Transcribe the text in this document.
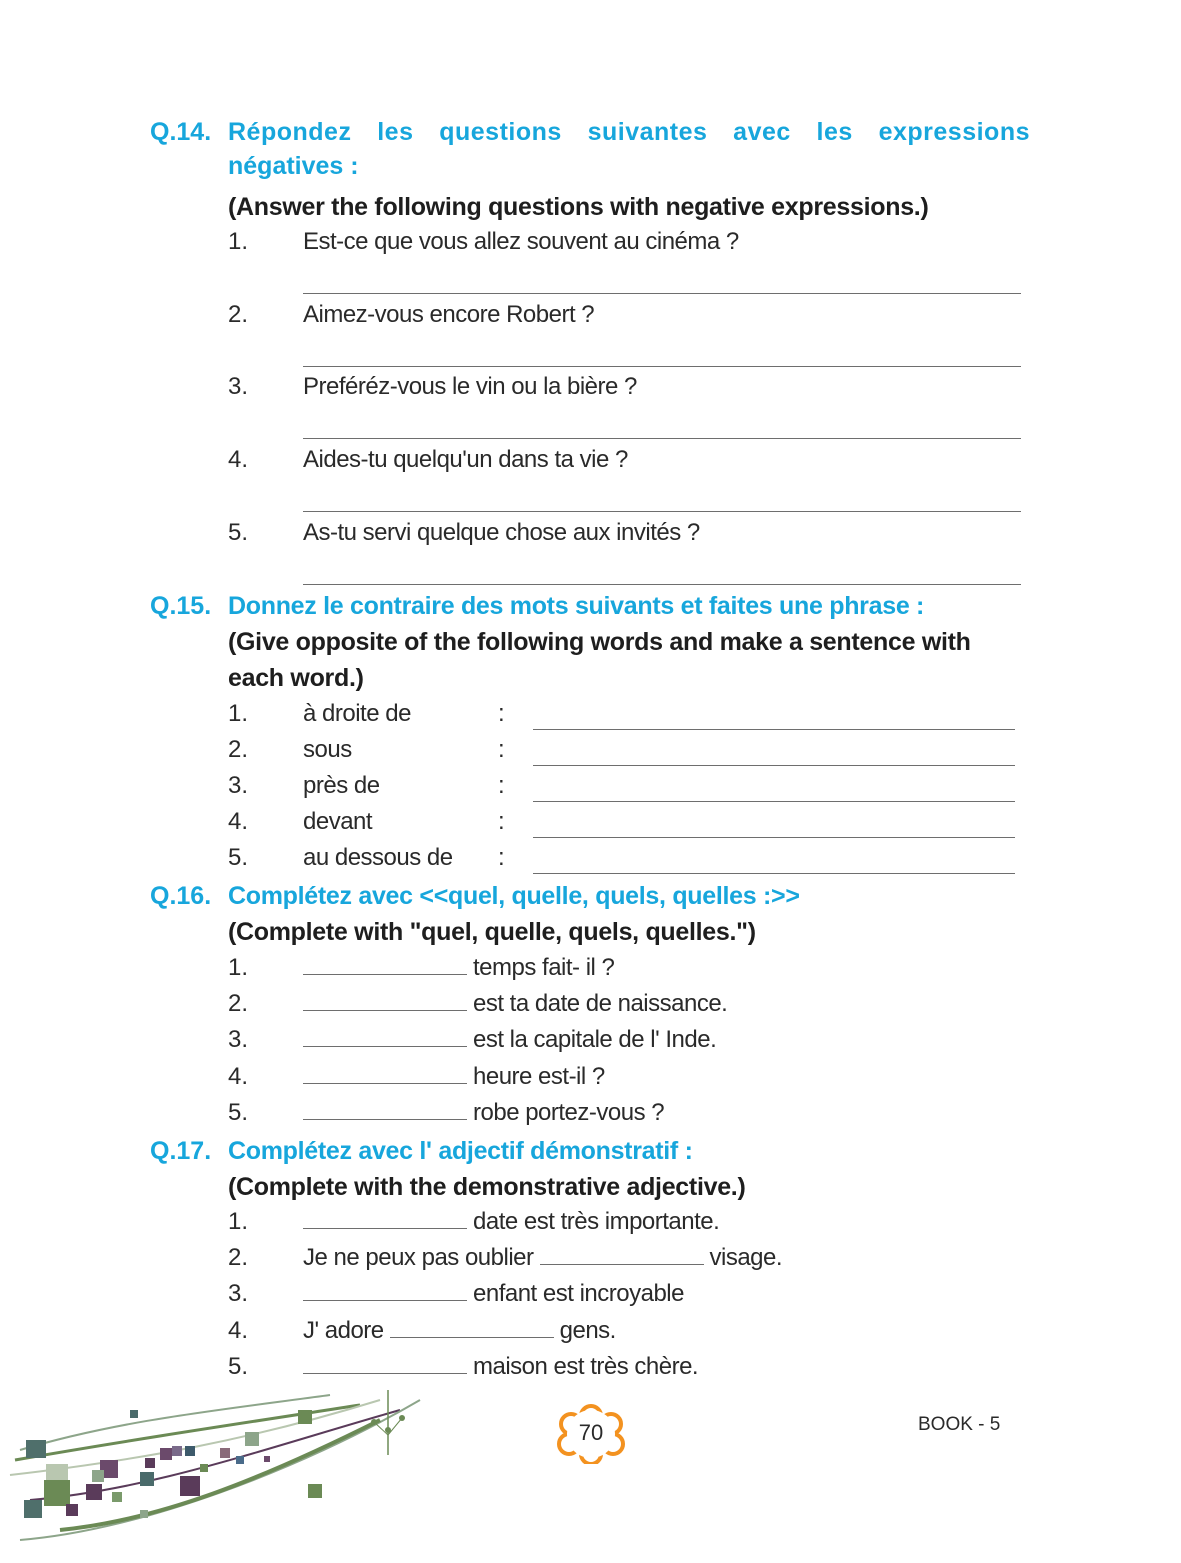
Q.14. Répondez les questions suivantes avec les expressions
négatives :
(Answer the following questions with negative expressions.)
1. Est-ce que vous allez souvent au cinéma ?
2. Aimez-vous encore Robert ?
3. Preféréz-vous le vin ou la bière ?
4. Aides-tu quelqu'un dans ta vie ?
5. As-tu servi quelque chose aux invités ?
Q.15. Donnez le contraire des mots suivants et faites une phrase :
(Give opposite of the following words and make a sentence with
each word.)
1. à droite de	:
2. sous	:
3. près de	:
4. devant	:
5. au dessous de :
Q.16. Complétez avec <<quel, quelle, quels, quelles :>>
(Complete with "quel, quelle, quels, quelles.")
1.	temps fait- il ?
2.	est ta date de naissance.
3.	est la capitale de l' Inde.
4.	heure est-il ?
5.	robe portez-vous ?
Q.17. Complétez avec l' adjectif démonstratif :
(Complete with the demonstrative adjective.)
1.	date est très importante.
2. Je ne peux pas oublier	visage.
3.	enfant est incroyable
4. J' adore	gens.
5.	maison est très chère.
70	BOOK - 5
